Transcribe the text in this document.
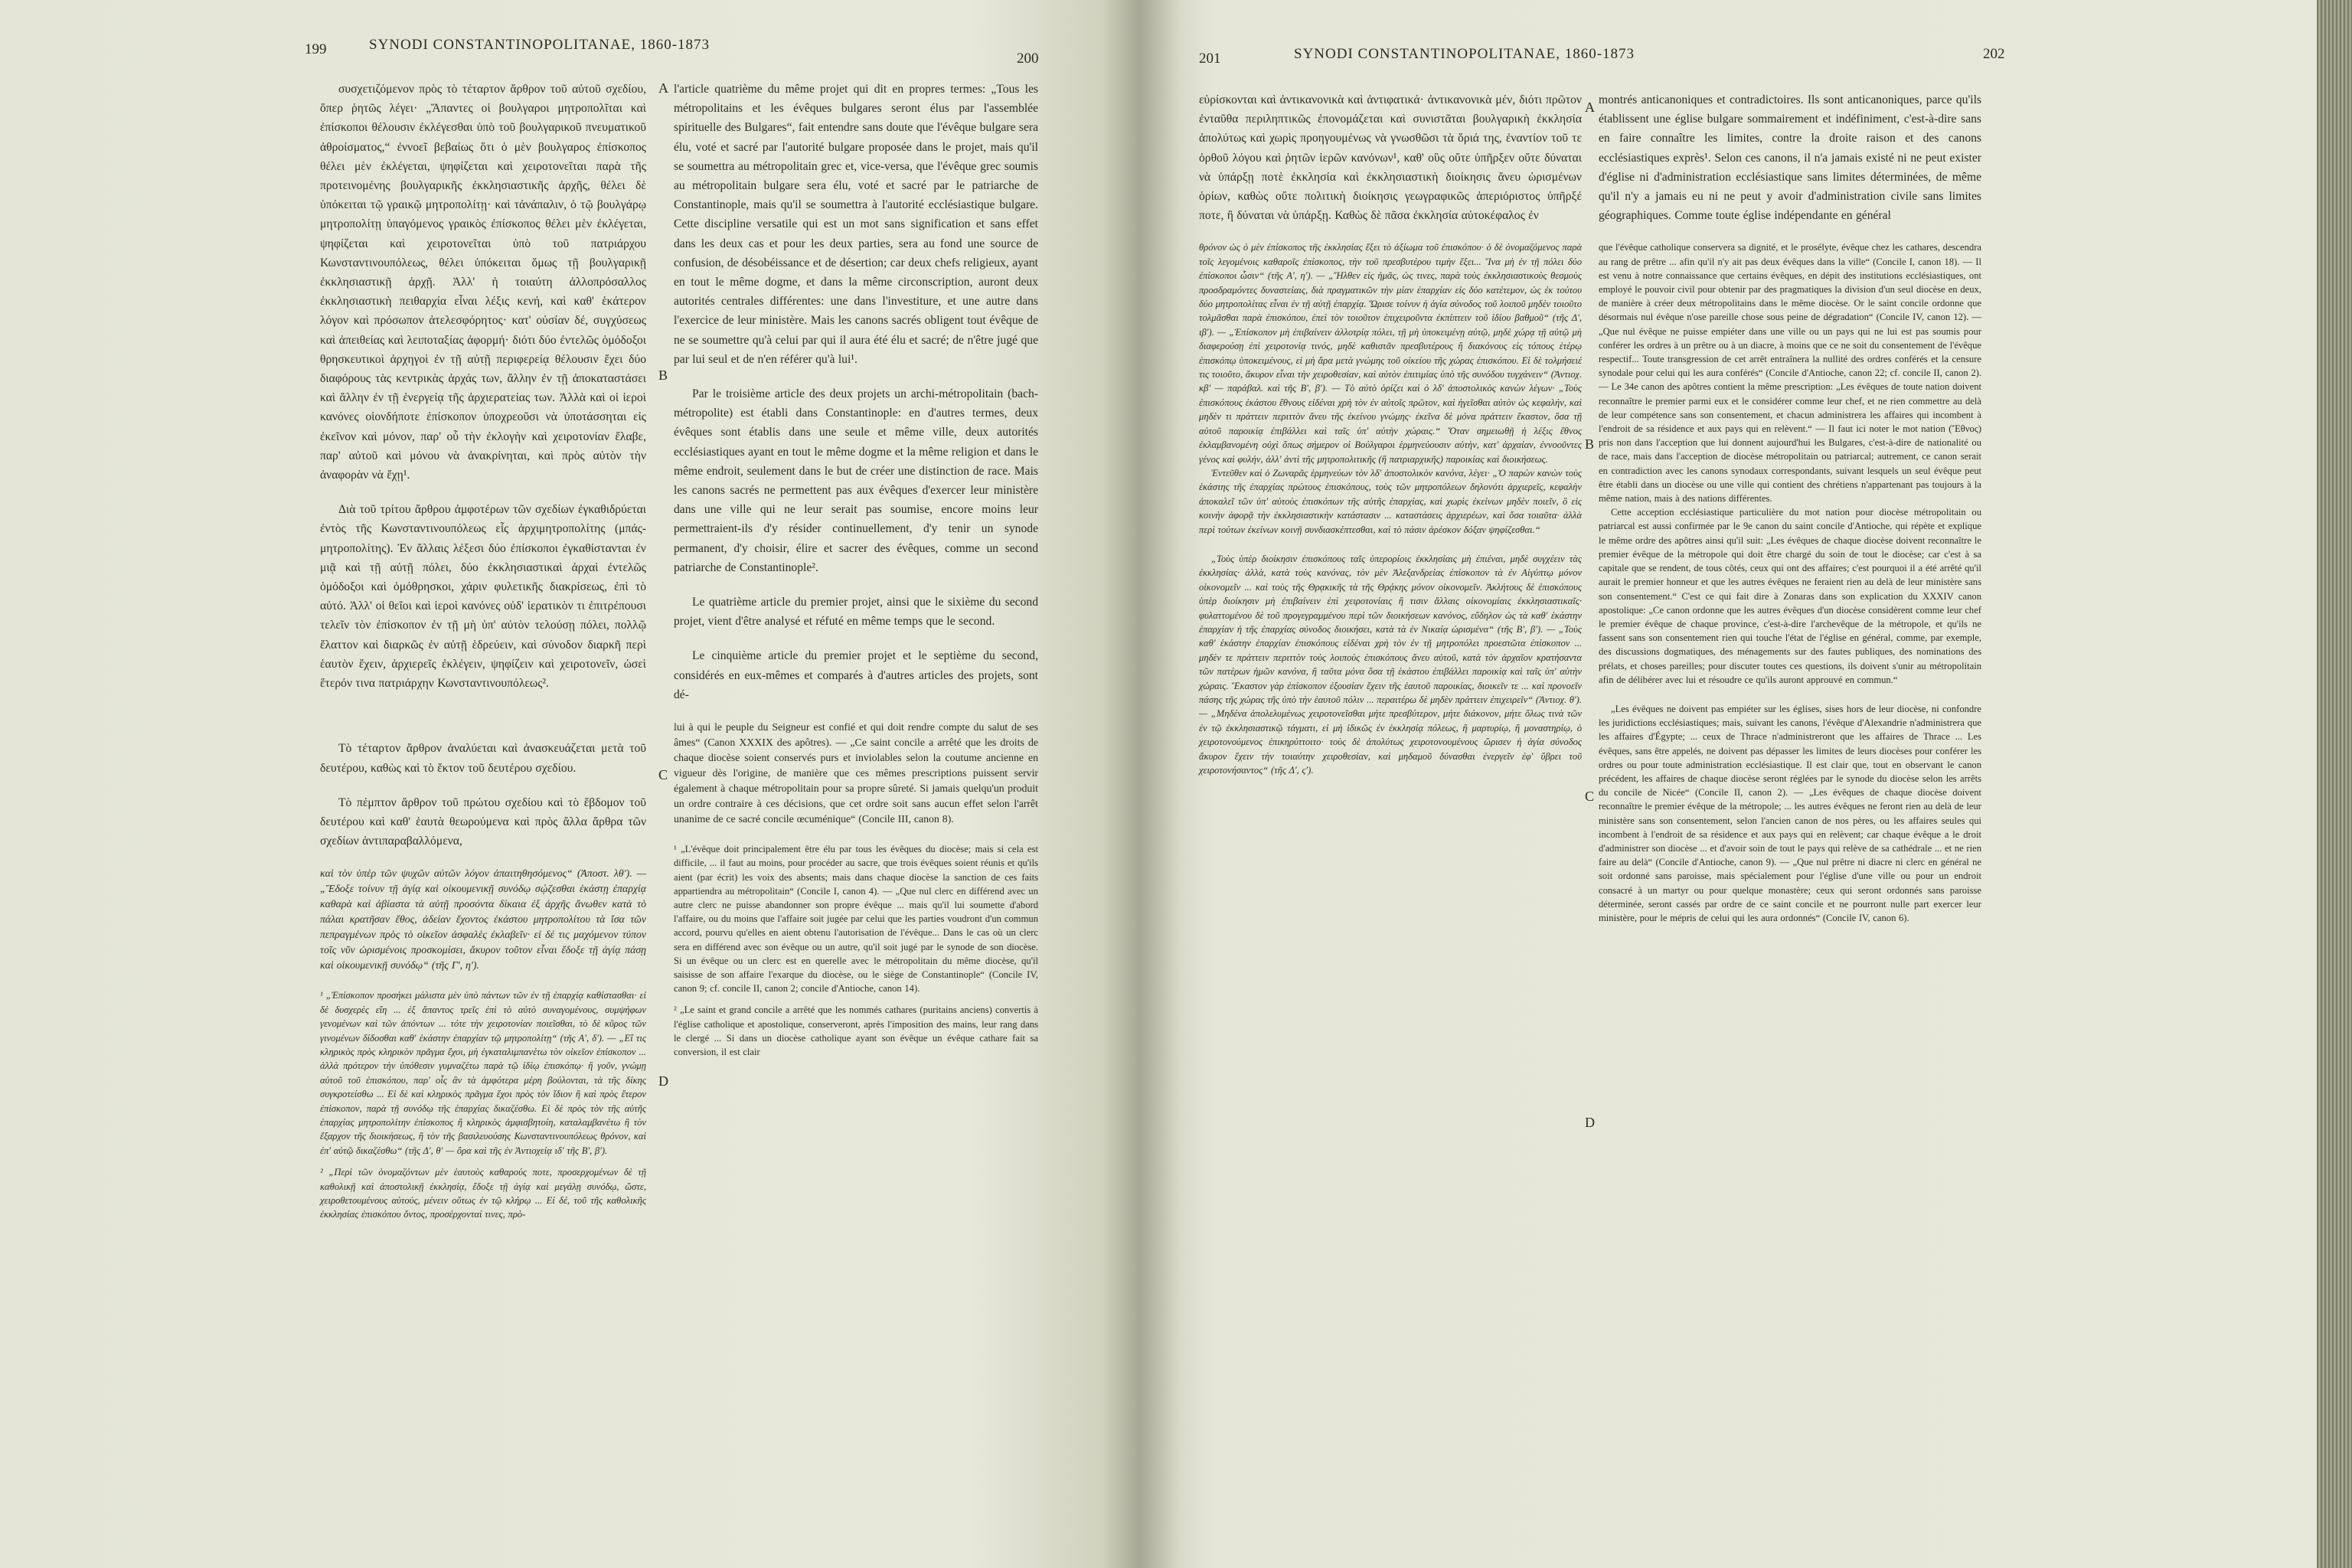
199	SYNODI CONSTANTINOPOLITANAE, 1860-1873
200

συσχετιζόμενον πρὸς τὸ τέταρτον ἄρθρον τοῦ αὐτοῦ σχεδίου, ὅπερ ῥητῶς λέγει· „Ἅπαντες οἱ βουλγαροι μητροπολῖται καὶ ἐπίσκοποι θέλουσιν ἐκλέγεσθαι ὑπὸ τοῦ βουλγαρικοῦ πνευματικοῦ ἀθροίσματος,“ ἐννοεῖ βεβαίως ὅτι ὁ μὲν βουλγαρος ἐπίσκοπος θέλει μὲν ἐκλέγεται, ψηφίζεται καὶ χειροτονεῖται παρὰ τῆς προτεινομένης βουλγαρικῆς ἐκκλησιαστικῆς ἀρχῆς, θέλει δὲ ὑπόκειται τῷ γραικῷ μητροπολίτῃ· καὶ τἀνάπαλιν, ὁ τῷ βουλγάρῳ μητροπολίτῃ ὑπαγόμενος γραικὸς ἐπίσκοπος θέλει μὲν ἐκλέγεται, ψηφίζεται καὶ χειροτονεῖται ὑπὸ τοῦ πατριάρχου Κωνσταντινουπόλεως, θέλει ὑπόκειται ὅμως τῇ βουλγαρικῇ ἐκκλησιαστικῇ ἀρχῇ. Ἀλλ' ἡ τοιαύτη ἀλλοπρόσαλλος ἐκκλησιαστικὴ πειθαρχία εἶναι λέξις κενή, καὶ καθ' ἑκάτερον λόγον καὶ πρόσωπον ἀτελεσφόρητος· κατ' οὐσίαν δέ, συγχύσεως καὶ ἀπειθείας καὶ λειποταξίας ἀφορμή· διότι δύο ἐντελῶς ὁμόδοξοι θρησκευτικοὶ ἀρχηγοὶ ἐν τῇ αὐτῇ περιφερείᾳ θέλουσιν ἔχει δύο διαφόρους τὰς κεντρικὰς ἀρχάς των, ἄλλην ἐν τῇ ἀποκαταστάσει καὶ ἄλλην ἐν τῇ ἐνεργείᾳ τῆς ἀρχιερατείας των. Ἀλλὰ καὶ οἱ ἱεροὶ κανόνες οἱονδήποτε ἐπίσκοπον ὑποχρεοῦσι νὰ ὑποτάσσηται εἰς ἐκεῖνον καὶ μόνον, παρ' οὗ τὴν ἐκλογὴν καὶ χειροτονίαν ἔλαβε, παρ' αὐτοῦ καὶ μόνου νὰ ἀνακρίνηται, καὶ πρὸς αὐτὸν τὴν ἀναφορὰν νὰ ἔχῃ¹.

Διὰ τοῦ τρίτου ἄρθρου ἀμφοτέρων τῶν σχεδίων ἐγκαθιδρύεται ἐντὸς τῆς Κωνσταντινουπόλεως εἷς ἀρχιμητροπολίτης (μπάς-μητροπολίτης). Ἐν ἄλλαις λέξεσι δύο ἐπίσκοποι ἐγκαθίστανται ἐν μιᾷ καὶ τῇ αὐτῇ πόλει, δύο ἐκκλησιαστικαὶ ἀρχαὶ ἐντελῶς ὁμόδοξοι καὶ ὁμόθρησκοι, χάριν φυλετικῆς διακρίσεως, ἐπὶ τὸ αὐτό. Ἀλλ' οἱ θεῖοι καὶ ἱεροὶ κανόνες οὐδ' ἱερατικὸν τι ἐπιτρέπουσι τελεῖν τὸν ἐπίσκοπον ἐν τῇ μὴ ὑπ' αὐτὸν τελούσῃ πόλει, πολλῷ ἔλαττον καὶ διαρκῶς ἐν αὐτῇ ἑδρεύειν, καὶ σύνοδον διαρκῆ περὶ ἑαυτὸν ἔχειν, ἀρχιερεῖς ἐκλέγειν, ψηφίζειν καὶ χειροτονεῖν, ὡσεὶ ἕτερόν τινα πατριάρχην Κωνσταντινουπόλεως².

Τὸ τέταρτον ἄρθρον ἀναλύεται καὶ ἀνασκευάζεται μετὰ τοῦ δευτέρου, καθὼς καὶ τὸ ἕκτον τοῦ δευτέρου σχεδίου.

Τὸ πέμπτον ἄρθρον τοῦ πρώτου σχεδίου καὶ τὸ ἕβδομον τοῦ δευτέρου καὶ καθ' ἑαυτὰ θεωρούμενα καὶ πρὸς ἄλλα ἄρθρα τῶν σχεδίων ἀντιπαραβαλλόμενα,

καὶ τὸν ὑπὲρ τῶν ψυχῶν αὐτῶν λόγον ἀπαιτηθησόμενος“ (Ἀποστ. λθ'). — „Ἔδοξε τοίνυν τῇ ἁγίᾳ καὶ οἰκουμενικῇ συνόδῳ σῴζεσθαι ἑκάστῃ ἐπαρχίᾳ καθαρὰ καὶ ἀβίαστα τὰ αὐτῇ προσόντα δίκαια ἐξ ἀρχῆς ἄνωθεν κατὰ τὸ πάλαι κρατῆσαν ἔθος, ἀδείαν ἔχοντος ἑκάστου μητροπολίτου τὰ ἴσα τῶν πεπραγμένων πρὸς τὸ οἰκεῖον ἀσφαλὲς ἐκλαβεῖν· εἰ δέ τις μαχόμενον τύπον τοῖς νῦν ὡρισμένοις προσκομίσει, ἄκυρον τοῦτον εἶναι ἔδοξε τῇ ἁγίᾳ πάσῃ καὶ οἰκουμενικῇ συνόδῳ“ (τῆς Γ', η').

¹ „Ἐπίσκοπον προσήκει μάλιστα μὲν ὑπὸ πάντων τῶν ἐν τῇ ἐπαρχίᾳ καθίστασθαι· εἰ δὲ δυσχερὲς εἴη ... ἐξ ἅπαντος τρεῖς ἐπὶ τὸ αὐτὸ συναγομένους, συμψήφων γενομένων καὶ τῶν ἀπόντων ... τότε τὴν χειροτονίαν ποιεῖσθαι, τὸ δὲ κῦρος τῶν γινομένων δίδοσθαι καθ' ἑκάστην ἐπαρχίαν τῷ μητροπολίτῃ“ (τῆς Α', δ'). — „Εἴ τις κληρικὸς πρὸς κληρικὸν πρᾶγμα ἔχοι, μὴ ἐγκαταλιμπανέτω τὸν οἰκεῖον ἐπίσκοπον ... ἀλλὰ πρότερον τὴν ὑπόθεσιν γυμναζέτω παρὰ τῷ ἰδίῳ ἐπισκόπῳ· ἢ γοῦν, γνώμῃ αὐτοῦ τοῦ ἐπισκόπου, παρ' οἷς ἂν τὰ ἀμφότερα μέρη βούλονται, τὰ τῆς δίκης συγκροτείσθω ... Εἰ δὲ καὶ κληρικὸς πρᾶγμα ἔχοι πρὸς τὸν ἴδιον ἢ καὶ πρὸς ἕτερον ἐπίσκοπον, παρὰ τῇ συνόδῳ τῆς ἐπαρχίας δικαζέσθω. Εἰ δὲ πρὸς τὸν τῆς αὐτῆς ἐπαρχίας μητροπολίτην ἐπίσκοπος ἢ κληρικὸς ἀμφισβητοίη, καταλαμβανέτω ἢ τὸν ἔξαρχον τῆς διοικήσεως, ἢ τὸν τῆς βασιλευούσης Κωνσταντινουπόλεως θρόνον, καὶ ἐπ' αὐτῷ δικαζέσθω“ (τῆς Δ', θ' — ὅρα καὶ τῆς ἐν Ἀντιοχείᾳ ιδ' τῆς Β', β').

² „Περὶ τῶν ὀνομαζόντων μὲν ἑαυτοὺς καθαρούς ποτε, προσερχομένων δὲ τῇ καθολικῇ καὶ ἀποστολικῇ ἐκκλησίᾳ, ἔδοξε τῇ ἁγίᾳ καὶ μεγάλῃ συνόδῳ, ὥστε, χειροθετουμένους αὐτούς, μένειν οὕτως ἐν τῷ κλήρῳ ... Εἰ δέ, τοῦ τῆς καθολικῆς ἐκκλησίας ἐπισκόπου ὄντος, προσέρχονταί τινες, πρὸ-

A
B
C
D

l'article quatrième du même projet qui dit en propres termes: „Tous les métropolitains et les évêques bulgares seront élus par l'assemblée spirituelle des Bulgares“, fait entendre sans doute que l'évêque bulgare sera élu, voté et sacré par l'autorité bulgare proposée dans le projet, mais qu'il se soumettra au métropolitain grec et, vice-versa, que l'évêque grec soumis au métropolitain bulgare sera élu, voté et sacré par le patriarche de Constantinople, mais qu'il se soumettra à l'autorité ecclésiastique bulgare. Cette discipline versatile qui est un mot sans signification et sans effet dans les deux cas et pour les deux parties, sera au fond une source de confusion, de désobéissance et de désertion; car deux chefs religieux, ayant en tout le même dogme, et dans la même circonscription, auront deux autorités centrales différentes: une dans l'investiture, et une autre dans l'exercice de leur ministère. Mais les canons sacrés obligent tout évêque de ne se soumettre qu'à celui par qui il aura été élu et sacré; de n'être jugé que par lui seul et de n'en référer qu'à lui¹.

Par le troisième article des deux projets un archi-métropolitain (bach-métropolite) est établi dans Constantinople: en d'autres termes, deux évêques sont établis dans une seule et même ville, deux autorités ecclésiastiques ayant en tout le même dogme et la même religion et dans le même endroit, seulement dans le but de créer une distinction de race. Mais les canons sacrés ne permettent pas aux évêques d'exercer leur ministère dans une ville qui ne leur serait pas soumise, encore moins leur permettraient-ils d'y résider continuellement, d'y tenir un synode permanent, d'y choisir, élire et sacrer des évêques, comme un second patriarche de Constantinople².

Le quatrième article du premier projet, ainsi que le sixième du second projet, vient d'être analysé et réfuté en même temps que le second.

Le cinquième article du premier projet et le septième du second, considérés en eux-mêmes et comparés à d'autres articles des projets, sont dé-

lui à qui le peuple du Seigneur est confié et qui doit rendre compte du salut de ses âmes“ (Canon XXXIX des apôtres). — „Ce saint concile a arrêté que les droits de chaque diocèse soient conservés purs et inviolables selon la coutume ancienne en vigueur dès l'origine, de manière que ces mêmes prescriptions puissent servir également à chaque métropolitain pour sa propre sûreté. Si jamais quelqu'un produit un ordre contraire à ces décisions, que cet ordre soit sans aucun effet selon l'arrêt unanime de ce sacré concile œcuménique“ (Concile III, canon 8).

¹ „L'évêque doit principalement être élu par tous les évêques du diocèse; mais si cela est difficile, ... il faut au moins, pour procéder au sacre, que trois évêques soient réunis et qu'ils aient (par écrit) les voix des absents; mais dans chaque diocèse la sanction de ces faits appartiendra au métropolitain“ (Concile I, canon 4). — „Que nul clerc en différend avec un autre clerc ne puisse abandonner son propre évêque ... mais qu'il lui soumette d'abord l'affaire, ou du moins que l'affaire soit jugée par celui que les parties voudront d'un commun accord, pourvu qu'elles en aient obtenu l'autorisation de l'évêque... Dans le cas où un clerc sera en différend avec son évêque ou un autre, qu'il soit jugé par le synode de son diocèse. Si un évêque ou un clerc est en querelle avec le métropolitain du même diocèse, qu'il saisisse de son affaire l'exarque du diocèse, ou le siège de Constantinople“ (Concile IV, canon 9; cf. concile II, canon 2; concile d'Antioche, canon 14).

² „Le saint et grand concile a arrêté que les nommés cathares (puritains anciens) convertis à l'église catholique et apostolique, conserveront, après l'imposition des mains, leur rang dans le clergé ... Si dans un diocèse catholique ayant son évêque un évêque cathare fait sa conversion, il est clair

201	SYNODI CONSTANTINOPOLITANAE, 1860-1873	202

εὑρίσκονται καὶ ἀντικανονικὰ καὶ ἀντιφατικά· ἀντικανονικὰ μέν, διότι πρῶτον ἐνταῦθα περιληπτικῶς ἐπονομάζεται καὶ συνιστᾶται βουλγαρικὴ ἐκκλησία ἀπολύτως καὶ χωρὶς προηγουμένως νὰ γνωσθῶσι τὰ ὅριά της, ἐναντίον τοῦ τε ὀρθοῦ λόγου καὶ ῥητῶν ἱερῶν κανόνων¹, καθ' οὓς οὔτε ὑπῆρξεν οὔτε δύναται νὰ ὑπάρξῃ ποτὲ ἐκκλησία καὶ ἐκκλησιαστικὴ διοίκησις ἄνευ ὡρισμένων ὁρίων, καθὼς οὔτε πολιτικὴ διοίκησις γεωγραφικῶς ἀπεριόριστος ὑπῆρξέ ποτε, ἢ δύναται νὰ ὑπάρξῃ. Καθὼς δὲ πᾶσα ἐκκλησία αὐτοκέφαλος ἐν

θρόνον ὡς ὁ μὲν ἐπίσκοπος τῆς ἐκκλησίας ἕξει τὸ ἀξίωμα τοῦ ἐπισκόπου· ὁ δὲ ὀνομαζόμενος παρὰ τοῖς λεγομένοις καθαροῖς ἐπίσκοπος, τὴν τοῦ πρεσβυτέρου τιμὴν ἕξει... Ἵνα μὴ ἐν τῇ πόλει δύο ἐπίσκοποι ὦσιν“ (τῆς Α', η'). — „Ἤλθεν εἰς ἡμᾶς, ὡς τινες, παρὰ τοὺς ἐκκλησιαστικοὺς θεσμοὺς προσδραμόντες δυναστείαις, διὰ πραγματικῶν τὴν μίαν ἐπαρχίαν εἰς δύο κατέτεμον, ὡς ἐκ τούτου δύο μητροπολίτας εἶναι ἐν τῇ αὐτῇ ἐπαρχίᾳ. Ὥρισε τοίνυν ἡ ἁγία σύνοδος τοῦ λοιποῦ μηδὲν τοιοῦτο τολμᾶσθαι παρὰ ἐπισκόπου, ἐπεὶ τὸν τοιοῦτον ἐπιχειροῦντα ἐκπίπτειν τοῦ ἰδίου βαθμοῦ“ (τῆς Δ', ιβ'). — „Ἐπίσκοπον μὴ ἐπιβαίνειν ἀλλοτρίᾳ πόλει, τῇ μὴ ὑποκειμένῃ αὐτῷ, μηδὲ χώρᾳ τῇ αὐτῷ μὴ διαφερούσῃ ἐπὶ χειροτονίᾳ τινός, μηδὲ καθιστᾶν πρεσβυτέρους ἢ διακόνους εἰς τόπους ἑτέρῳ ἐπισκόπῳ ὑποκειμένους, εἰ μὴ ἄρα μετὰ γνώμης τοῦ οἰκείου τῆς χώρας ἐπισκόπου. Εἰ δὲ τολμήσειέ τις τοιοῦτο, ἄκυρον εἶναι τὴν χειροθεσίαν, καὶ αὐτὸν ἐπιτιμίας ὑπὸ τῆς συνόδου τυγχάνειν“ (Ἀντιοχ. κβ' — παράβαλ. καὶ τῆς Β', β'). — Τὸ αὐτὸ ὁρίζει καὶ ὁ λδ' ἀποστολικὸς κανὼν λέγων· „Τοὺς ἐπισκόπους ἑκάστου ἔθνους εἰδέναι χρὴ τὸν ἐν αὐτοῖς πρῶτον, καὶ ἡγεῖσθαι αὐτὸν ὡς κεφαλήν, καὶ μηδὲν τι πράττειν περιττὸν ἄνευ τῆς ἐκείνου γνώμης· ἐκεῖνα δὲ μόνα πράττειν ἕκαστον, ὅσα τῇ αὐτοῦ παροικίᾳ ἐπιβάλλει καὶ ταῖς ὑπ' αὐτὴν χώραις.“ Ὅταν σημειωθῇ ἡ λέξις ἔθνος ἐκλαμβανομένη οὐχὶ ὅπως σήμερον οἱ Βούλγαροι ἑρμηνεύουσιν αὐτὴν, κατ' ἀρχαίαν, ἐννοοῦντες γένος καὶ φυλήν, ἀλλ' ἀντὶ τῆς μητροπολιτικῆς (ἢ πατριαρχικῆς) παροικίας καὶ διοικήσεως.

Ἐντεῦθεν καὶ ὁ Ζωναρᾶς ἑρμηνεύων τὸν λδ' ἀποστολικὸν κανόνα, λέγει· „Ὁ παρὼν κανὼν τοὺς ἑκάστης τῆς ἐπαρχίας πρώτους ἐπισκόπους, τοὺς τῶν μητροπόλεων δηλονότι ἀρχιερεῖς, κεφαλὴν ἀποκαλεῖ τῶν ὑπ' αὐτοὺς ἐπισκόπων τῆς αὐτῆς ἐπαρχίας, καὶ χωρὶς ἐκείνων μηδὲν ποιεῖν, ὃ εἰς κοινὴν ἀφορᾷ τὴν ἐκκλησιαστικὴν κατάστασιν ... καταστάσεις ἀρχιερέων, καὶ ὅσα τοιαῦτα· ἀλλὰ περὶ τούτων ἐκείνων κοινῇ συνδιασκέπτεσθαι, καὶ τὸ πάσιν ἀρέσκον δόξαν ψηφίζεσθαι.“

„Τοὺς ὑπὲρ διοίκησιν ἐπισκόπους ταῖς ὑπερορίοις ἐκκλησίαις μὴ ἐπιέναι, μηδὲ συγχέειν τὰς ἐκκλησίας· ἀλλὰ, κατὰ τοὺς κανόνας, τὸν μὲν Ἀλεξανδρείας ἐπίσκοπον τὰ ἐν Αἰγύπτῳ μόνον οἰκονομεῖν ... καὶ τοὺς τῆς Θρᾳκικῆς τὰ τῆς Θρᾴκης μόνον οἰκονομεῖν. Ἀκλήτους δὲ ἐπισκόπους ὑπὲρ διοίκησιν μὴ ἐπιβαίνειν ἐπὶ χειροτονίαις ἢ τισιν ἄλλαις οἰκονομίαις ἐκκλησιαστικαῖς· φυλαττομένου δὲ τοῦ προγεγραμμένου περὶ τῶν διοικήσεων κανόνος, εὔδηλον ὡς τὰ καθ' ἑκάστην ἐπαρχίαν ἡ τῆς ἐπαρχίας σύνοδος διοικήσει, κατὰ τὰ ἐν Νικαίᾳ ὡρισμένα“ (τῆς Β', β'). — „Τοὺς καθ' ἑκάστην ἐπαρχίαν ἐπισκόπους εἰδέναι χρὴ τὸν ἐν τῇ μητροπόλει προεστῶτα ἐπίσκοπον ... μηδὲν τε πράττειν περιττὸν τοὺς λοιποὺς ἐπισκόπους ἄνευ αὐτοῦ, κατὰ τὸν ἀρχαῖον κρατήσαντα τῶν πατέρων ἡμῶν κανόνα, ἢ ταῦτα μόνα ὅσα τῇ ἑκάστου ἐπιβάλλει παροικίᾳ καὶ ταῖς ὑπ' αὐτὴν χώραις. Ἕκαστον γὰρ ἐπίσκοπον ἐξουσίαν ἔχειν τῆς ἑαυτοῦ παροικίας, διοικεῖν τε ... καὶ προνοεῖν πάσης τῆς χώρας τῆς ὑπὸ τὴν ἑαυτοῦ πόλιν ... περαιτέρω δὲ μηδὲν πράττειν ἐπιχειρεῖν“ (Ἀντιοχ. θ'). — „Μηδένα ἀπολελυμένως χειροτονεῖσθαι μήτε πρεσβύτερον, μήτε διάκονον, μήτε ὅλως τινὰ τῶν ἐν τῷ ἐκκλησιαστικῷ τάγματι, εἰ μὴ ἰδικῶς ἐν ἐκκλησίᾳ πόλεως, ἢ μαρτυρίῳ, ἢ μοναστηρίῳ, ὁ χειροτονούμενος ἐπικηρύττοιτο· τοὺς δὲ ἀπολύτως χειροτονουμένους ὥρισεν ἡ ἁγία σύνοδος ἄκυρον ἔχειν τὴν τοιαύτην χειροθεσίαν, καὶ μηδαμοῦ δύνασθαι ἐνεργεῖν ἐφ' ὕβρει τοῦ χειροτονήσαντος“ (τῆς Δ', ς').

A
B
C
D

montrés anticanoniques et contradictoires. Ils sont anticanoniques, parce qu'ils établissent une église bulgare sommairement et indéfiniment, c'est-à-dire sans en faire connaître les limites, contre la droite raison et des canons ecclésiastiques exprès¹. Selon ces canons, il n'a jamais existé ni ne peut exister d'église ni d'administration ecclésiastique sans limites déterminées, de même qu'il n'y a jamais eu ni ne peut y avoir d'administration civile sans limites géographiques. Comme toute église indépendante en général

que l'évêque catholique conservera sa dignité, et le prosélyte, évêque chez les cathares, descendra au rang de prêtre ... afin qu'il n'y ait pas deux évêques dans la ville“ (Concile I, canon 18). — Il est venu à notre connaissance que certains évêques, en dépit des institutions ecclésiastiques, ont employé le pouvoir civil pour obtenir par des pragmatiques la division d'un seul diocèse en deux, de manière à créer deux métropolitains dans le même diocèse. Or le saint concile ordonne que désormais nul évêque n'ose pareille chose sous peine de dégradation“ (Concile IV, canon 12). — „Que nul évêque ne puisse empiéter dans une ville ou un pays qui ne lui est pas soumis pour conférer les ordres à un prêtre ou à un diacre, à moins que ce ne soit du consentement de l'évêque respectif... Toute transgression de cet arrêt entraînera la nullité des ordres conférés et la censure synodale pour celui qui les aura conférés“ (Concile d'Antioche, canon 22; cf. concile II, canon 2). — Le 34e canon des apôtres contient la même prescription: „Les évêques de toute nation doivent reconnaître le premier parmi eux et le considérer comme leur chef, et ne rien commettre au delà de leur compétence sans son consentement, et chacun administrera les affaires qui incombent à l'endroit de sa résidence et aux pays qui en relèvent.“ — Il faut ici noter le mot nation (Ἔθνος) pris non dans l'acception que lui donnent aujourd'hui les Bulgares, c'est-à-dire de nationalité ou de race, mais dans l'acception de diocèse métropolitain ou patriarcal; autrement, ce canon serait en contradiction avec les canons synodaux correspondants, suivant lesquels un seul évêque peut être établi dans un diocèse ou une ville qui contient des chrétiens n'appartenant pas toujours à la même nation, mais à des nations différentes.

Cette acception ecclésiastique particulière du mot nation pour diocèse métropolitain ou patriarcal est aussi confirmée par le 9e canon du saint concile d'Antioche, qui répète et explique le même ordre des apôtres ainsi qu'il suit: „Les évêques de chaque diocèse doivent reconnaître le premier évêque de la métropole qui doit être chargé du soin de tout le diocèse; car c'est à sa capitale que se rendent, de tous côtés, ceux qui ont des affaires; c'est pourquoi il a été arrêté qu'il aurait le premier honneur et que les autres évêques ne feraient rien au delà de leur ministère sans son consentement.“ C'est ce qui fait dire à Zonaras dans son explication du XXXIV canon apostolique: „Ce canon ordonne que les autres évêques d'un diocèse considèrent comme leur chef le premier évêque de chaque province, c'est-à-dire l'archevêque de la métropole, et qu'ils ne fassent sans son consentement rien qui touche l'état de l'église en général, comme, par exemple, des discussions dogmatiques, des ménagements sur des fautes publiques, des nominations des prélats, et choses pareilles; pour discuter toutes ces questions, ils doivent s'unir au métropolitain afin de délibérer avec lui et résoudre ce qu'ils auront approuvé en commun.“

„Les évêques ne doivent pas empiéter sur les églises, sises hors de leur diocèse, ni confondre les juridictions ecclésiastiques; mais, suivant les canons, l'évêque d'Alexandrie n'administrera que les affaires d'Égypte; ... ceux de Thrace n'administreront que les affaires de Thrace ... Les évêques, sans être appelés, ne doivent pas dépasser les limites de leurs diocèses pour conférer les ordres ou pour toute administration ecclésiastique. Il est clair que, tout en observant le canon précédent, les affaires de chaque diocèse seront réglées par le synode du diocèse selon les arrêts du concile de Nicée“ (Concile II, canon 2). — „Les évêques de chaque diocèse doivent reconnaître le premier évêque de la métropole; ... les autres évêques ne feront rien au delà de leur ministère sans son consentement, selon l'ancien canon de nos pères, ou les affaires seules qui incombent à l'endroit de sa résidence et aux pays qui en relèvent; car chaque évêque a le droit d'administrer son diocèse ... et d'avoir soin de tout le pays qui relève de sa cathédrale ... et ne rien faire au delà“ (Concile d'Antioche, canon 9). — „Que nul prêtre ni diacre ni clerc en général ne soit ordonné sans paroisse, mais spécialement pour l'église d'une ville ou pour un endroit consacré à un martyr ou pour quelque monastère; ceux qui seront ordonnés sans paroisse déterminée, seront cassés par ordre de ce saint concile et ne pourront nulle part exercer leur ministère, pour le mépris de celui qui les aura ordonnés“ (Concile IV, canon 6).
